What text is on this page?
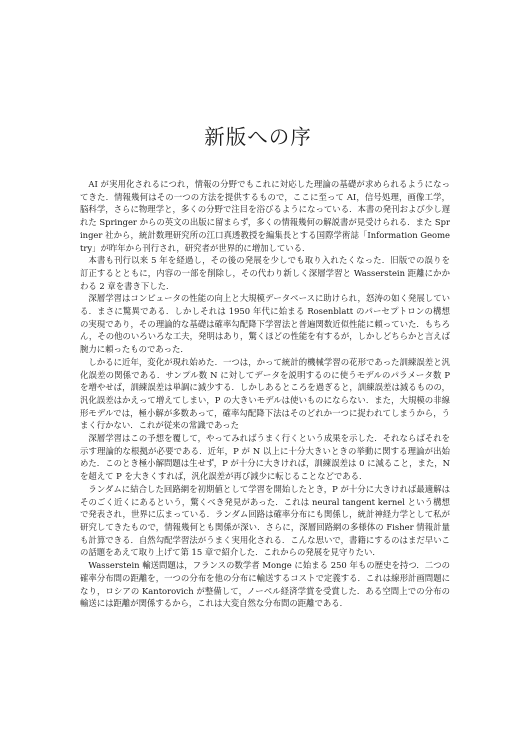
新版への序

AI が実用化されるにつれ，情報の分野でもこれに対応した理論の基礎が求められるようになってきた．情報幾何はその一つの方法を提供するもので，ここに至って AI，信号処理，画像工学，脳科学，さらに物理学と，多くの分野で注目を浴びるようになっている．本書の発刊および少し遅れた Springer からの英文の出版に留まらず，多くの情報幾何の解説書が見受けられる．また Springer 社から，統計数理研究所の江口真透教授を編集長とする国際学術誌「Information Geometry」が昨年から刊行され，研究者が世界的に増加している．

本書も刊行以来 5 年を経過し，その後の発展を少しでも取り入れたくなった．旧版での誤りを訂正するとともに，内容の一部を削除し，その代わり新しく深層学習と Wasserstein 距離にかかわる 2 章を書き下した．

深層学習はコンピュータの性能の向上と大規模データベースに助けられ，怒涛の如く発展している．まさに驚異である．しかしそれは 1950 年代に始まる Rosenblatt のパーセプトロンの構想の実現であり，その理論的な基礎は確率勾配降下学習法と普遍関数近似性能に頼っていた．もちろん，その他のいろいろな工夫，発明はあり，驚くほどの性能を有するが，しかしどちらかと言えば腕力に頼ったものであった．

しかるに近年，変化が現れ始めた．一つは，かって統計的機械学習の花形であった訓練誤差と汎化誤差の関係である．サンプル数 N に対してデータを説明するのに使うモデルのパラメータ数 P を増やせば，訓練誤差は単調に減少する．しかしあるところを過ぎると，訓練誤差は減るものの，汎化誤差はかえって増えてしまい，P の大きいモデルは使いものにならない．また，大規模の非線形モデルでは，極小解が多数あって，確率勾配降下法はそのどれか一つに捉われてしまうから，うまく行かない．これが従来の常識であった

深層学習はこの予想を覆して，やってみればうまく行くという成果を示した．それならばそれを示す理論的な根拠が必要である．近年，P が N 以上に十分大きいときの挙動に関する理論が出始めた．このとき極小解問題は生せず，P が十分に大きければ，訓練誤差は 0 に減ること，また，N を超えて P を大きくすれば，汎化誤差が再び減少に転じることなどである．

ランダムに結合した回路網を初期値として学習を開始したとき，P が十分に大きければ最適解はそのごく近くにあるという，驚くべき発見があった．これは neural tangent kernel という構想で発表され，世界に広まっている．ランダム回路は確率分布にも関係し，統計神経力学として私が研究してきたもので，情報幾何とも関係が深い．さらに，深層回路網の多様体の Fisher 情報計量も計算できる．自然勾配学習法がうまく実用化される．こんな思いで，書籍にするのはまだ早いこの話題をあえて取り上げて第 15 章で紹介した．これからの発展を見守りたい．

Wasserstein 輸送問題は，フランスの数学者 Monge に始まる 250 年もの歴史を持つ．二つの確率分布間の距離を，一つの分布を他の分布に輸送するコストで定義する．これは線形計画問題になり，ロシアの Kantorovich が整備して，ノーベル経済学賞を受賞した．ある空間上での分布の輸送には距離が関係するから，これは大変自然な分布間の距離である．
